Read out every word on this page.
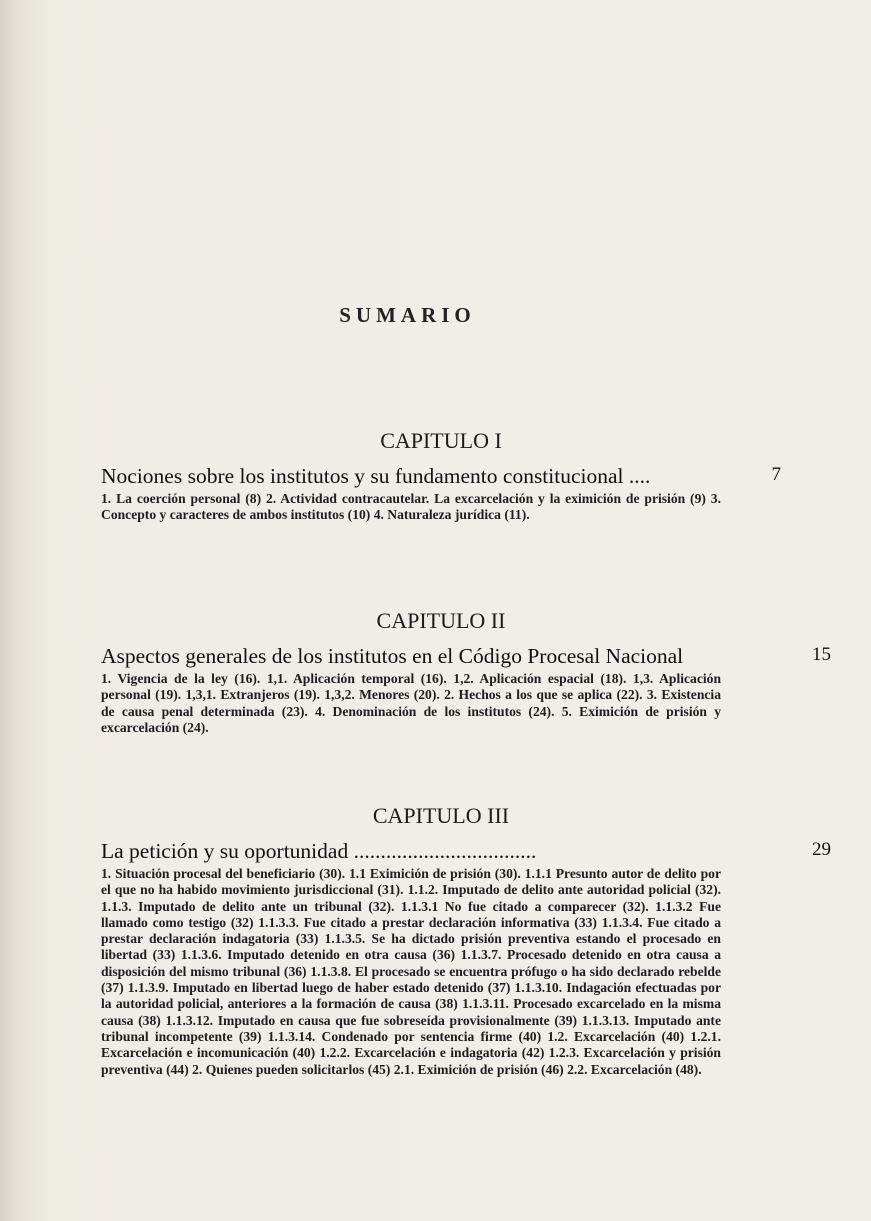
SUMARIO
CAPITULO I
Nociones sobre los institutos y su fundamento constitucional ....	7
1. La coerción personal (8) 2. Actividad contracautelar. La excarcelación y la eximición de prisión (9) 3. Concepto y caracteres de ambos institutos (10) 4. Naturaleza jurídica (11).
CAPITULO II
Aspectos generales de los institutos en el Código Procesal Nacional	15
1. Vigencia de la ley (16). 1,1. Aplicación temporal (16). 1,2. Aplicación espacial (18). 1,3. Aplicación personal (19). 1,3,1. Extranjeros (19). 1,3,2. Menores (20). 2. Hechos a los que se aplica (22). 3. Existencia de causa penal determinada (23). 4. Denominación de los institutos (24). 5. Eximición de prisión y excarcelación (24).
CAPITULO III
La petición y su oportunidad ..................................	29
1. Situación procesal del beneficiario (30). 1.1 Eximición de prisión (30). 1.1.1 Presunto autor de delito por el que no ha habido movimiento jurisdiccional (31). 1.1.2. Imputado de delito ante autoridad policial (32). 1.1.3. Imputado de delito ante un tribunal (32). 1.1.3.1 No fue citado a comparecer (32). 1.1.3.2 Fue llamado como testigo (32) 1.1.3.3. Fue citado a prestar declaración informativa (33) 1.1.3.4. Fue citado a prestar declaración indagatoria (33) 1.1.3.5. Se ha dictado prisión preventiva estando el procesado en libertad (33) 1.1.3.6. Imputado detenido en otra causa (36) 1.1.3.7. Procesado detenido en otra causa a disposición del mismo tribunal (36) 1.1.3.8. El procesado se encuentra prófugo o ha sido declarado rebelde (37) 1.1.3.9. Imputado en libertad luego de haber estado detenido (37) 1.1.3.10. Indagación efectuadas por la autoridad policial, anteriores a la formación de causa (38) 1.1.3.11. Procesado excarcelado en la misma causa (38) 1.1.3.12. Imputado en causa que fue sobreseída provisionalmente (39) 1.1.3.13. Imputado ante tribunal incompetente (39) 1.1.3.14. Condenado por sentencia firme (40) 1.2. Excarcelación (40) 1.2.1. Excarcelación e incomunicación (40) 1.2.2. Excarcelación e indagatoria (42) 1.2.3. Excarcelación y prisión preventiva (44) 2. Quienes pueden solicitarlos (45) 2.1. Eximición de prisión (46) 2.2. Excarcelación (48).
